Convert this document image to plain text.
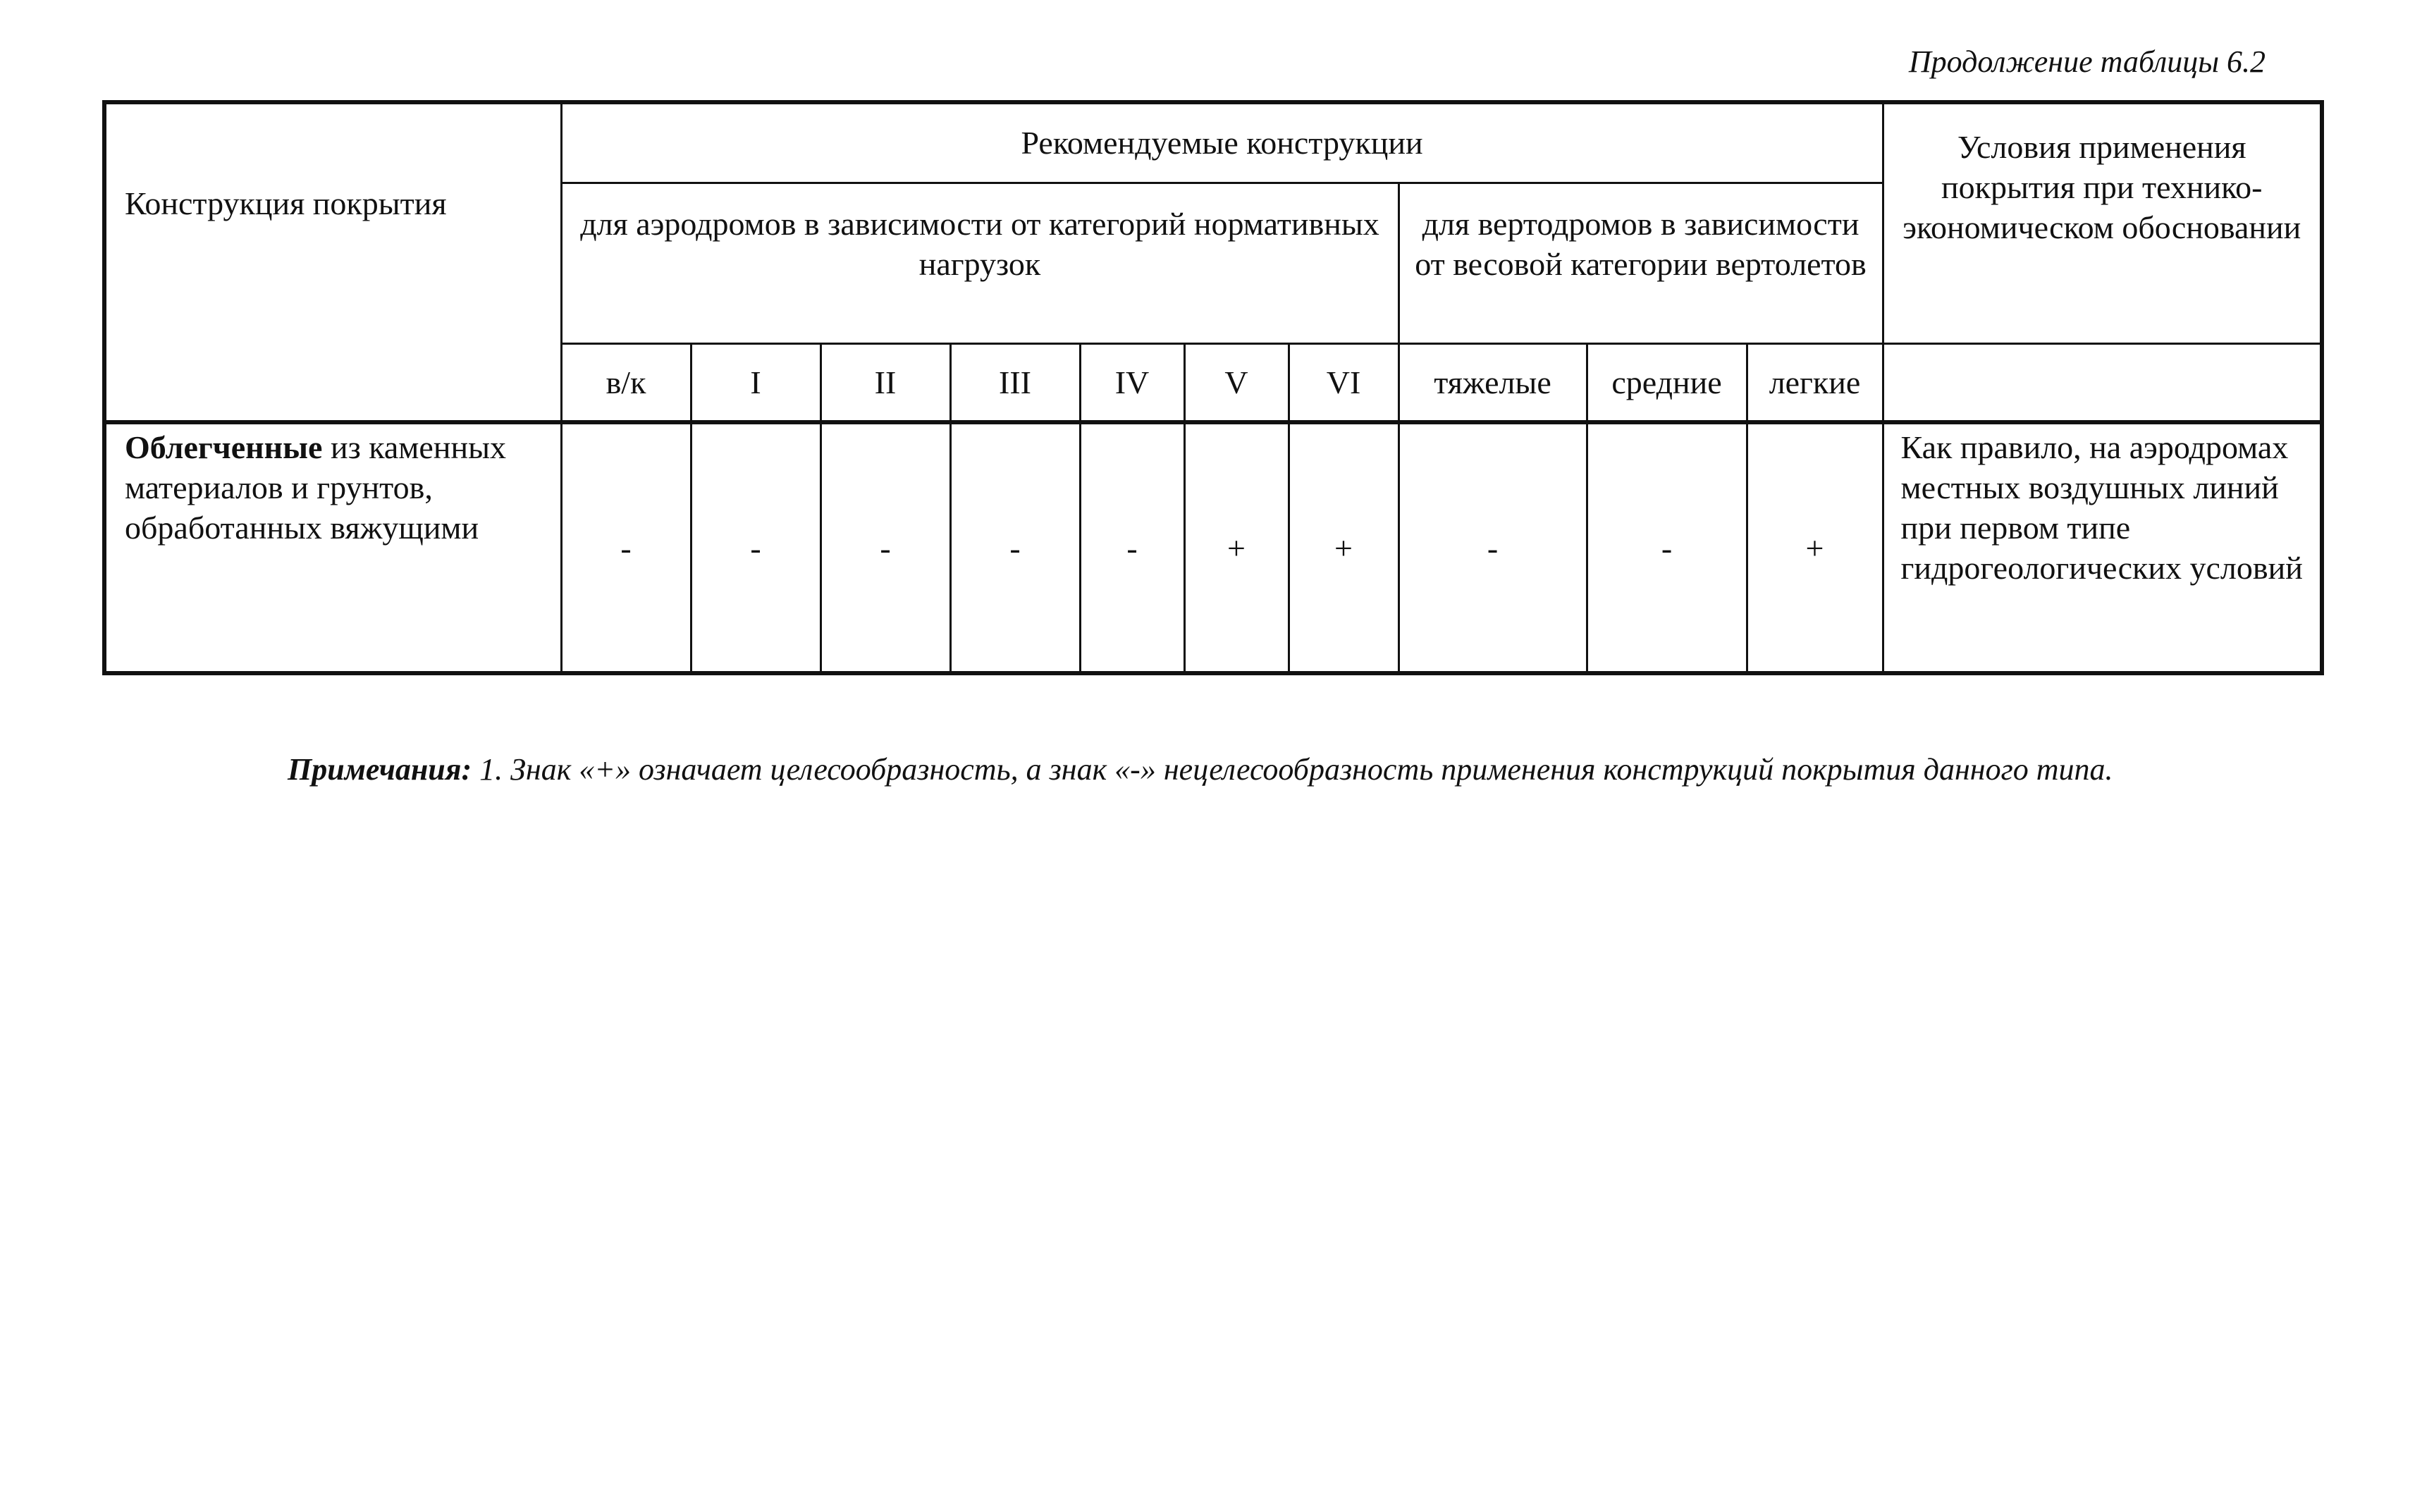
Продолжение таблицы 6.2
Конструкция покрытия	Рекомендуемые конструкции										Условия применения покрытия при технико-экономическом обосновании
	для аэродромов в зависимости от категорий нормативных нагрузок							для вертодромов в зависимости от весовой категории вертолетов			
	в/к	I	II	III	IV	V	VI	тяжелые	средние	легкие	
Облегченные из каменных материалов и грунтов, обработанных вяжущими	-	-	-	-	-	+	+	-	-	+	Как правило, на аэродромах местных воздушных линий при первом типе гидрогеологических условий
Примечания: 1. Знак «+» означает целесообразность, а знак «-» нецелесообразность применения конструкций покрытия данного типа.
